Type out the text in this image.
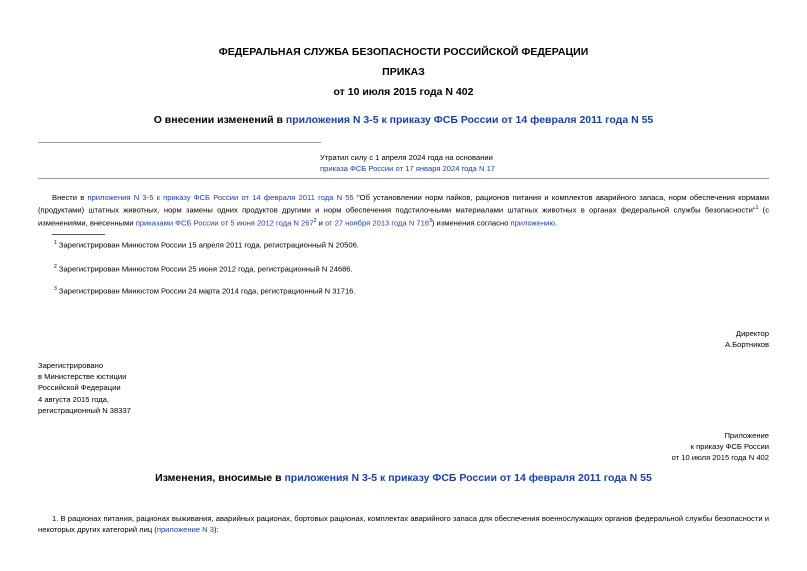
ФЕДЕРАЛЬНАЯ СЛУЖБА БЕЗОПАСНОСТИ РОССИЙСКОЙ ФЕДЕРАЦИИ
ПРИКАЗ
от 10 июля 2015 года N 402
О внесении изменений в приложения N 3-5 к приказу ФСБ России от 14 февраля 2011 года N 55
Утратил силу с 1 апреля 2024 года на основании
приказа ФСБ России от 17 января 2024 года N 17
Внести в приложения N 3-5 к приказу ФСБ России от 14 февраля 2011 года N 55 "Об установлении норм пайков, рационов питания и комплектов аварийного запаса, норм обеспечения кормами (продуктами) штатных животных, норм замены одних продуктов другими и норм обеспечения подстилочными материалами штатных животных в органах федеральной службы безопасности"$^1$ (с изменениями, внесенными приказами ФСБ России от 5 июня 2012 года N $267^2$ и от 27 ноября 2013 года N $716^3$) изменения согласно приложению.
$^1$ Зарегистрирован Минюстом России 15 апреля 2011 года, регистрационный N 20506.
$^2$ Зарегистрирован Минюстом России 25 июня 2012 года, регистрационный N 24686.
$^3$ Зарегистрирован Минюстом России 24 марта 2014 года, регистрационный N 31716.
Директор
А.Бортников
Зарегистрировано
в Министерстве юстиции
Российской Федерации
4 августа 2015 года,
регистрационный N 38337
Приложение
к приказу ФСБ России
от 10 июля 2015 года N 402
Изменения, вносимые в приложения N 3-5 к приказу ФСБ России от 14 февраля 2011 года N 55
1. В рационах питания, рационах выживания, аварийных рационах, бортовых рационах, комплектах аварийного запаса для обеспечения военнослужащих органов федеральной службы безопасности и некоторых других категорий лиц (приложение N 3):
